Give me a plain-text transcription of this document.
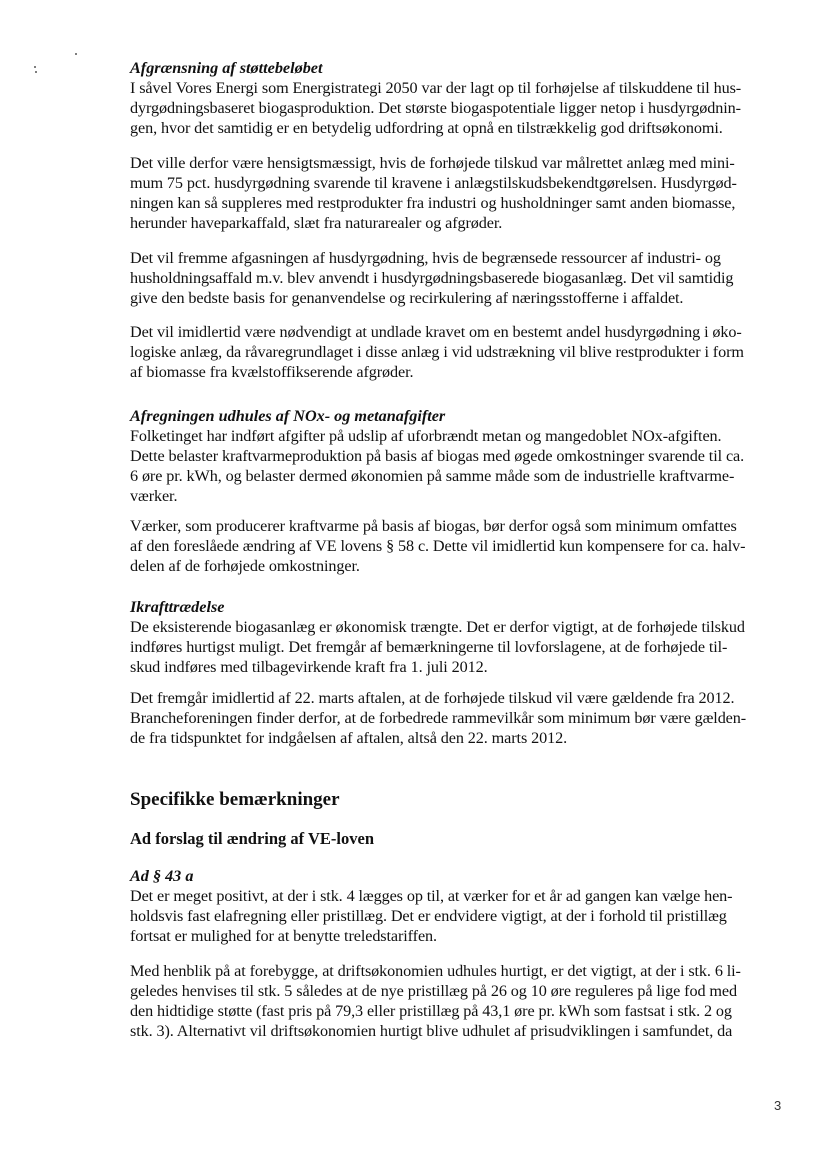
Afgrænsning af støttebeløbet
I såvel Vores Energi som Energistrategi 2050 var der lagt op til forhøjelse af tilskuddene til hus-
dyrgødningsbaseret biogasproduktion. Det største biogaspotentiale ligger netop i husdyrgødnin-
gen, hvor det samtidig er en betydelig udfordring at opnå en tilstrækkelig god driftsøkonomi.
Det ville derfor være hensigtsmæssigt, hvis de forhøjede tilskud var målrettet anlæg med mini-
mum 75 pct. husdyrgødning svarende til kravene i anlægstilskudsbekendtgørelsen. Husdyrgød-
ningen kan så suppleres med restprodukter fra industri og husholdninger samt anden biomasse,
herunder haveparkaffald, slæt fra naturarealer og afgrøder.
Det vil fremme afgasningen af husdyrgødning, hvis de begrænsede ressourcer af industri- og
husholdningsaffald m.v. blev anvendt i husdyrgødningsbaserede biogasanlæg. Det vil samtidig
give den bedste basis for genanvendelse og recirkulering af næringsstofferne i affaldet.
Det vil imidlertid være nødvendigt at undlade kravet om en bestemt andel husdyrgødning i øko-
logiske anlæg, da råvaregrundlaget i disse anlæg i vid udstrækning vil blive restprodukter i form
af biomasse fra kvælstoffikserende afgrøder.
Afregningen udhules af NOx- og metanafgifter
Folketinget har indført afgifter på udslip af uforbrændt metan og mangedoblet NOx-afgiften.
Dette belaster kraftvarmeproduktion på basis af biogas med øgede omkostninger svarende til ca.
6 øre pr. kWh, og belaster dermed økonomien på samme måde som de industrielle kraftvarme-
værker.
Værker, som producerer kraftvarme på basis af biogas, bør derfor også som minimum omfattes
af den foreslåede ændring af VE lovens § 58 c. Dette vil imidlertid kun kompensere for ca. halv-
delen af de forhøjede omkostninger.
Ikrafttrædelse
De eksisterende biogasanlæg er økonomisk trængte. Det er derfor vigtigt, at de forhøjede tilskud
indføres hurtigst muligt. Det fremgår af bemærkningerne til lovforslagene, at de forhøjede til-
skud indføres med tilbagevirkende kraft fra 1. juli 2012.
Det fremgår imidlertid af 22. marts aftalen, at de forhøjede tilskud vil være gældende fra 2012.
Brancheforeningen finder derfor, at de forbedrede rammevilkår som minimum bør være gælden-
de fra tidspunktet for indgåelsen af aftalen, altså den 22. marts 2012.
Specifikke bemærkninger
Ad forslag til ændring af VE-loven
Ad § 43 a
Det er meget positivt, at der i stk. 4 lægges op til, at værker for et år ad gangen kan vælge hen-
holdsvis fast elafregning eller pristillæg. Det er endvidere vigtigt, at der i forhold til pristillæg
fortsat er mulighed for at benytte treledstariffen.
Med henblik på at forebygge, at driftsøkonomien udhules hurtigt, er det vigtigt, at der i stk. 6 li-
geledes henvises til stk. 5 således at de nye pristillæg på 26 og 10 øre reguleres på lige fod med
den hidtidige støtte (fast pris på 79,3 eller pristillæg på 43,1 øre pr. kWh som fastsat i stk. 2 og
stk. 3). Alternativt vil driftsøkonomien hurtigt blive udhulet af prisudviklingen i samfundet, da
3
